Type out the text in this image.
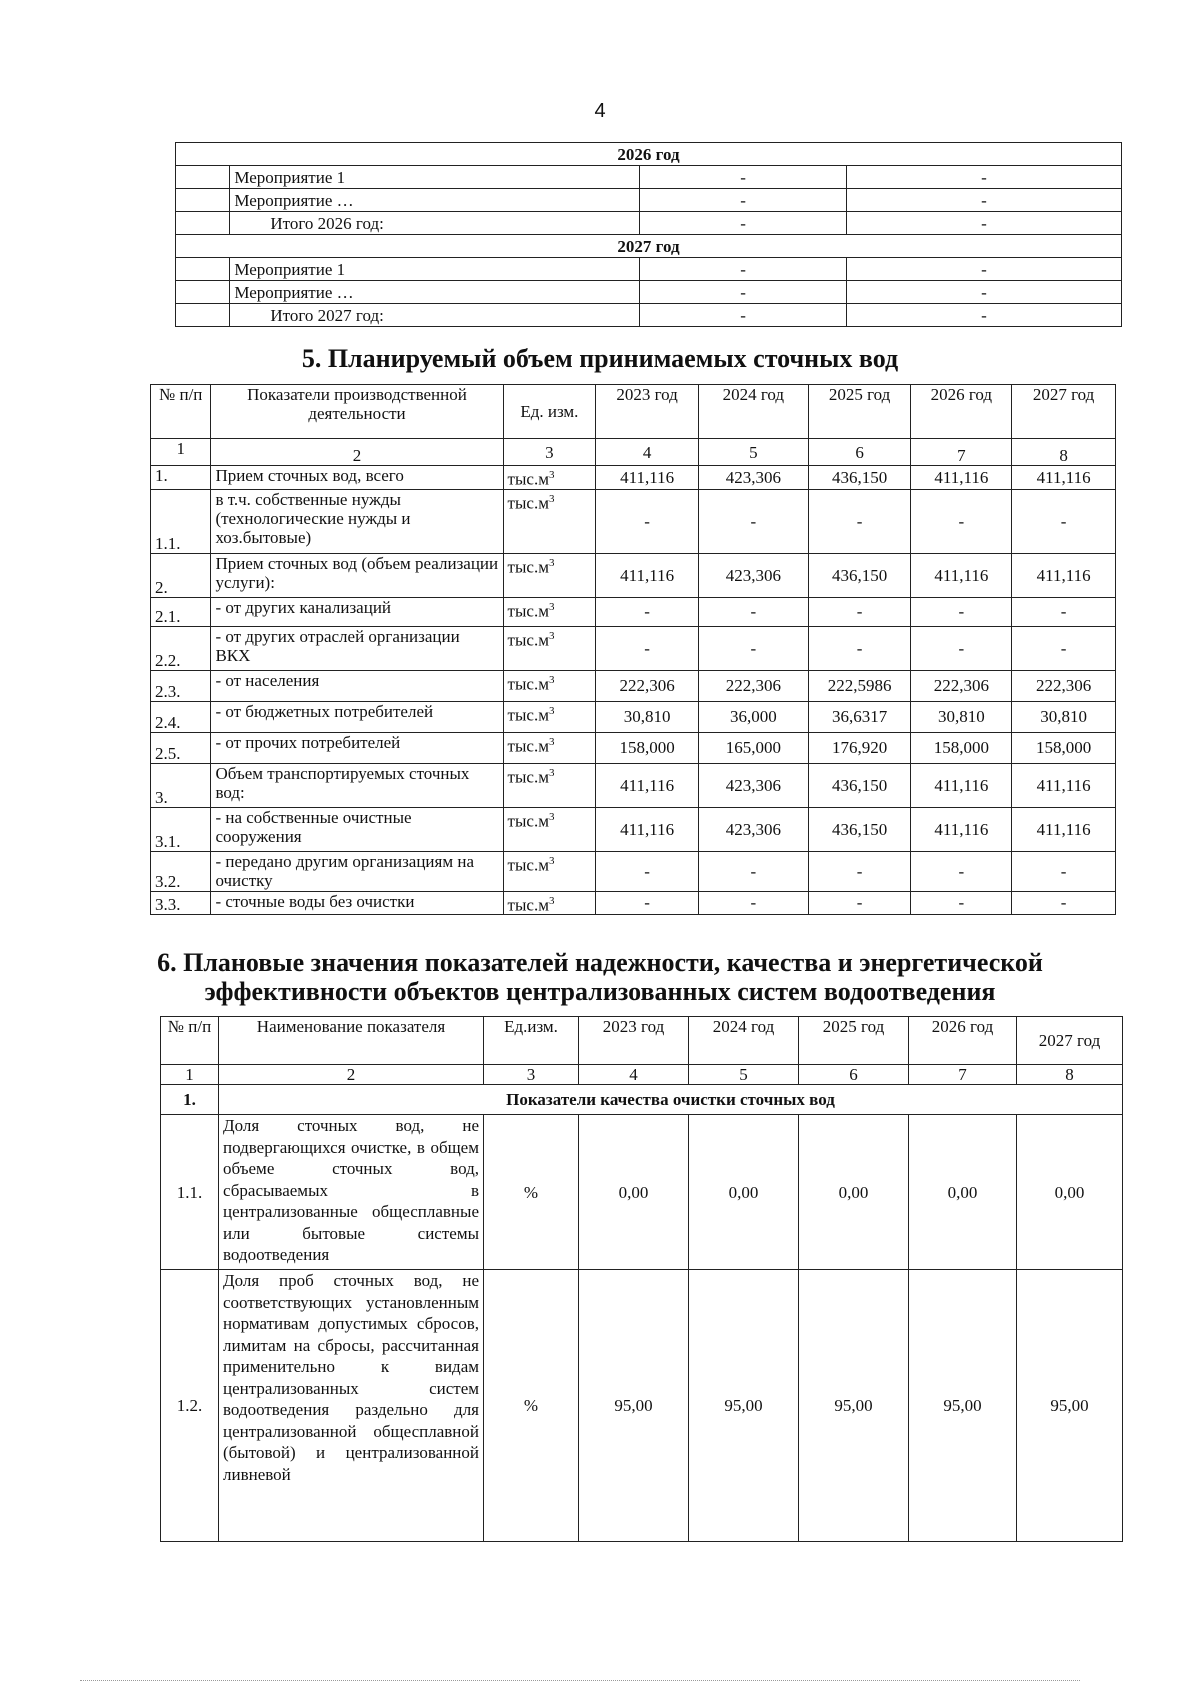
4
2026 год			
	Мероприятие 1	-	-
	Мероприятие …	-	-
	Итого 2026 год:	-	-
2027 год			
	Мероприятие 1	-	-
	Мероприятие …	-	-
	Итого 2027 год:	-	-
5. Планируемый объем принимаемых сточных вод
№ п/п	Показатели производственной деятельности	Ед. изм.	2023 год	2024 год	2025 год	2026 год	2027 год
1	2	3	4	5	6	7	8
1.	Прием сточных вод, всего	$тыс.м^3$	411,116	423,306	436,150	411,116	411,116
1.1.	в т.ч. собственные нужды (технологические нужды и хоз.бытовые)	$тыс.м^3$	-	-	-	-	-
2.	Прием сточных вод (объем реализации услуги):	$тыс.м^3$	411,116	423,306	436,150	411,116	411,116
2.1.	- от других канализаций	$тыс.м^3$	-	-	-	-	-
2.2.	- от других отраслей организации ВКХ	$тыс.м^3$	-	-	-	-	-
2.3.	- от населения	$тыс.м^3$	222,306	222,306	222,5986	222,306	222,306
2.4.	- от бюджетных потребителей	$тыс.м^3$	30,810	36,000	36,6317	30,810	30,810
2.5.	- от прочих потребителей	$тыс.м^3$	158,000	165,000	176,920	158,000	158,000
3.	Объем транспортируемых сточных вод:	$тыс.м^3$	411,116	423,306	436,150	411,116	411,116
3.1.	- на собственные очистные сооружения	$тыс.м^3$	411,116	423,306	436,150	411,116	411,116
3.2.	- передано другим организациям на очистку	$тыс.м^3$	-	-	-	-	-
3.3.	- сточные воды без очистки	$тыс.м^3$	-	-	-	-	-
6. Плановые значения показателей надежности, качества и энергетической
эффективности объектов централизованных систем водоотведения
№ п/п	Наименование показателя	Ед.изм.	2023 год	2024 год	2025 год	2026 год	2027 год
1	2	3	4	5	6	7	8
1.	Показатели качества очистки сточных вод						
1.1.	Доля сточных вод, не подвергающихся очистке, в общем объеме сточных вод, сбрасываемых в централизованные общесплавные или бытовые системы водоотведения	%	0,00	0,00	0,00	0,00	0,00
1.2.	Доля проб сточных вод, не соответствующих установленным нормативам допустимых сбросов, лимитам на сбросы, рассчитанная применительно к видам централизованных систем водоотведения раздельно для централизованной общесплавной (бытовой) и централизованной ливневой	%	95,00	95,00	95,00	95,00	95,00
